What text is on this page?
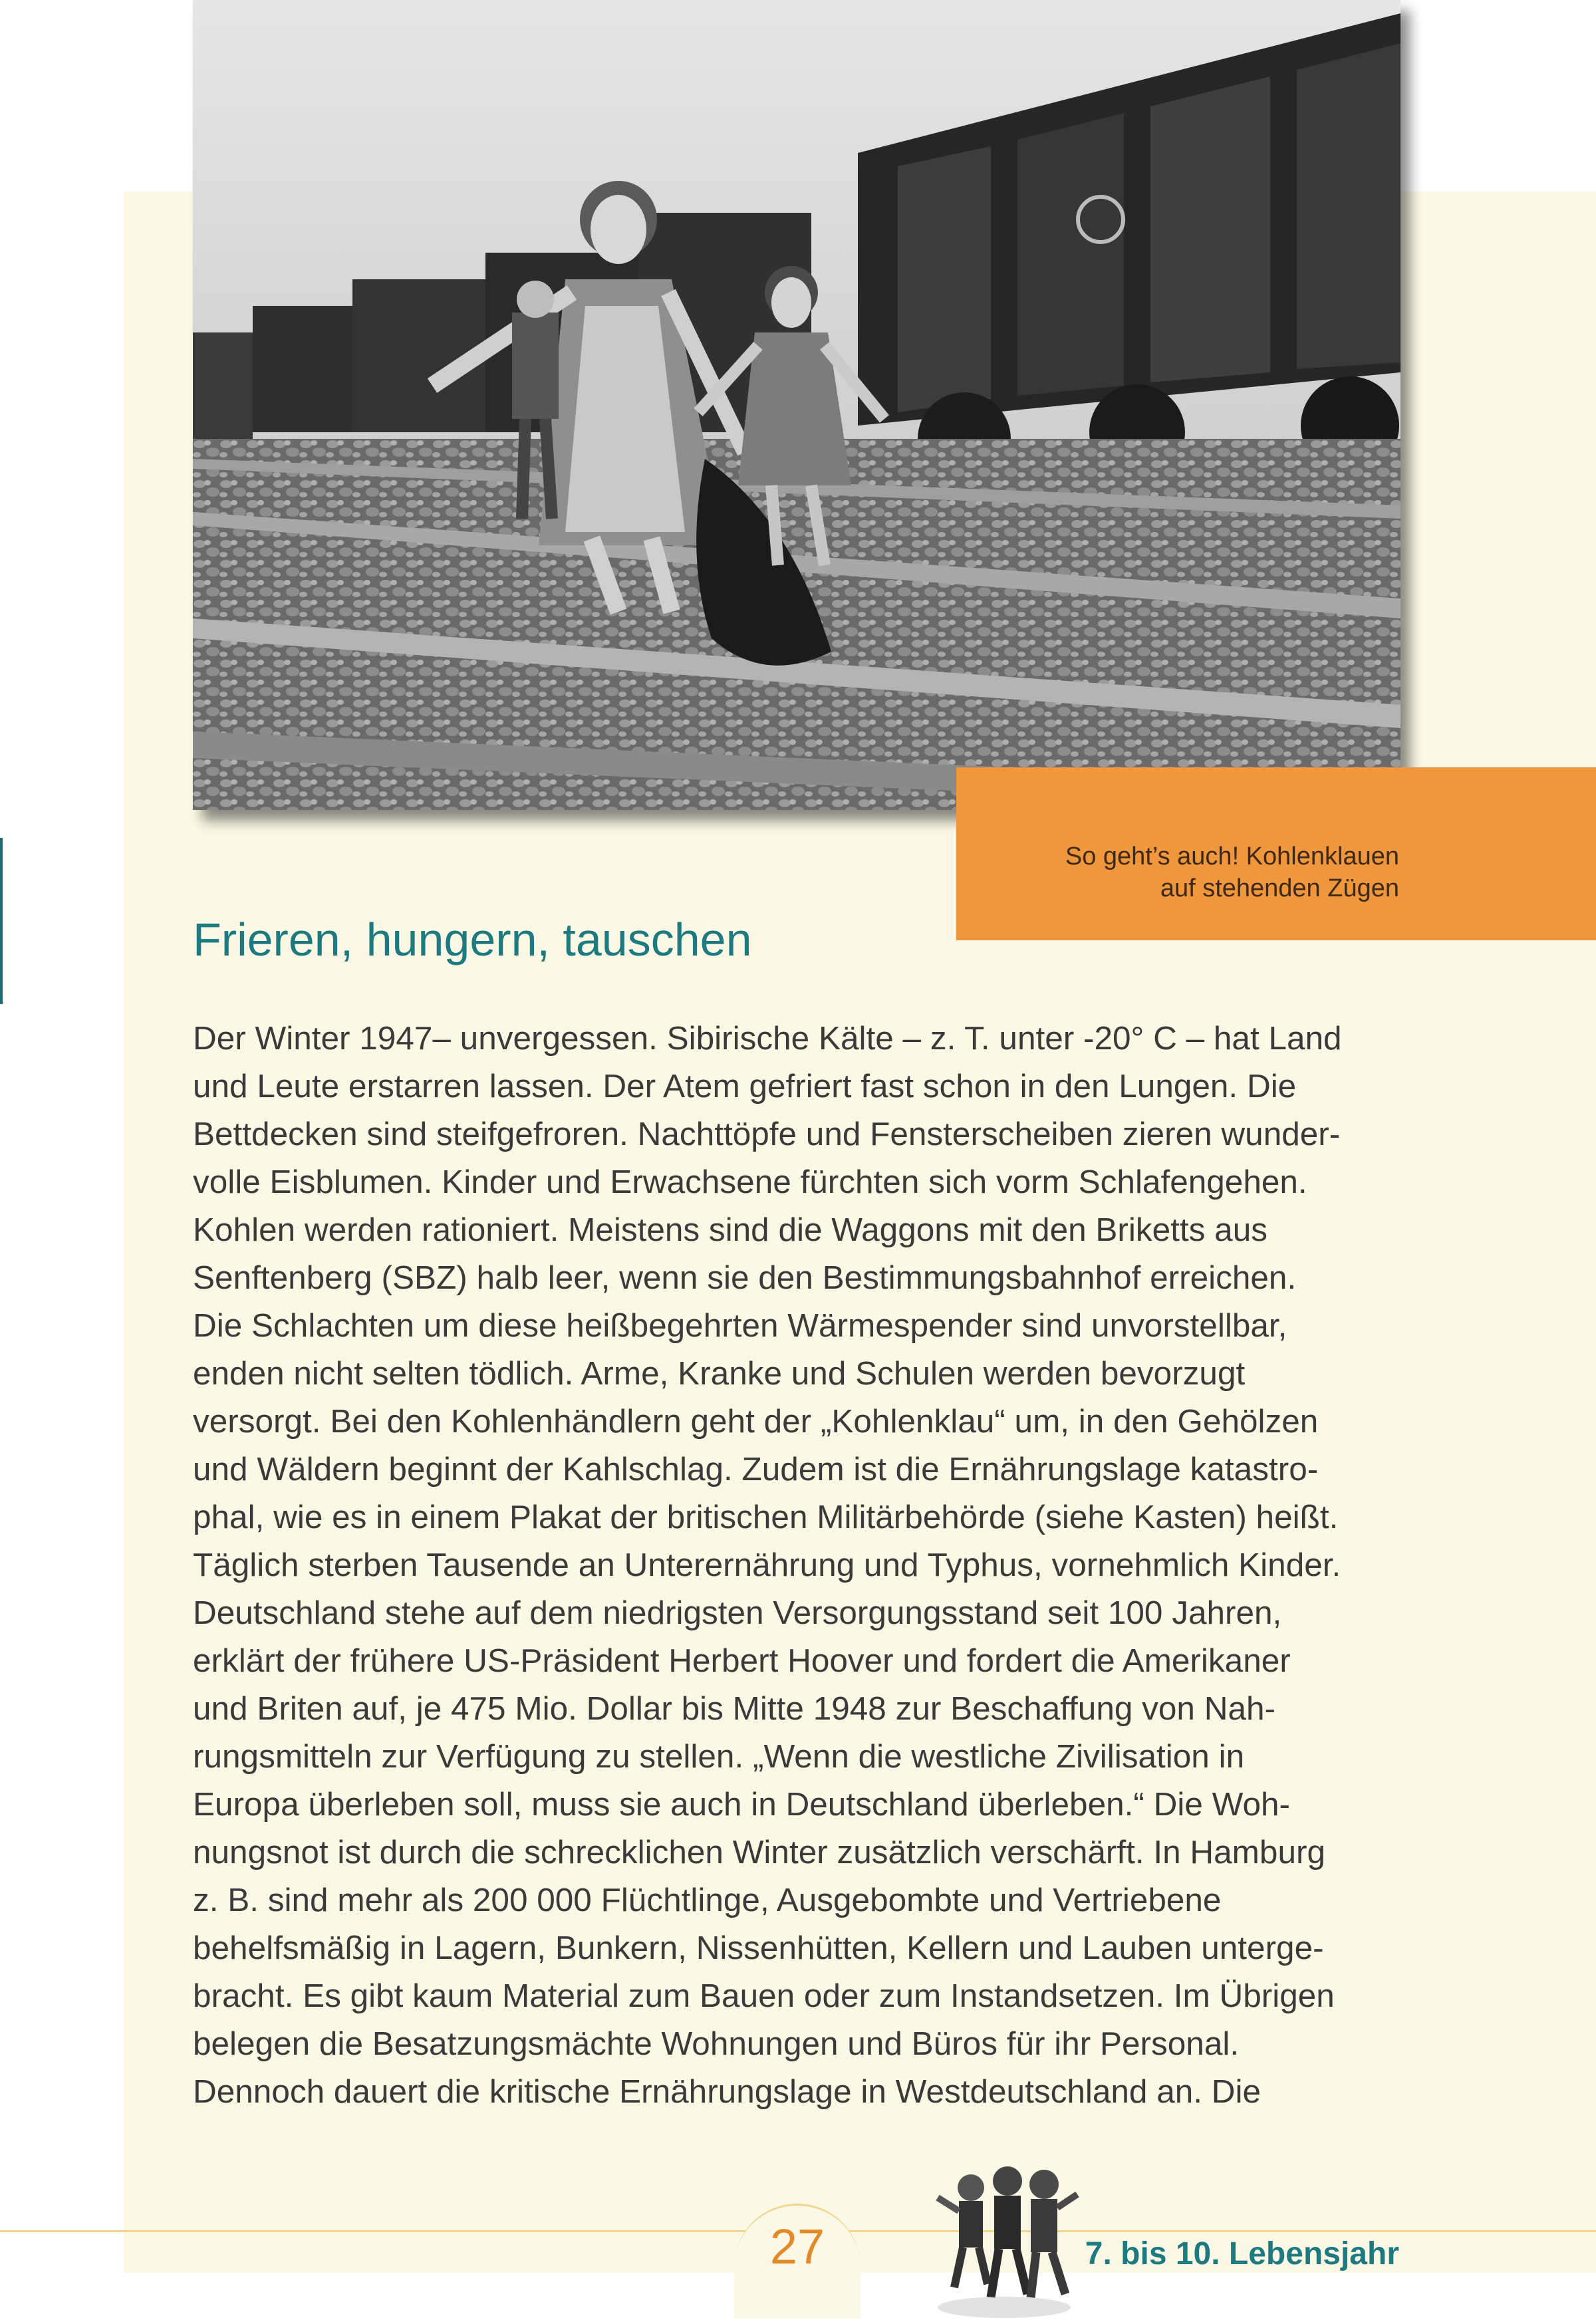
So geht’s auch! Kohlenklauen
auf stehenden Zügen
Frieren, hungern, tauschen
Der Winter 1947– unvergessen. Sibirische Kälte – z. T. unter -20° C – hat Land
und Leute erstarren lassen. Der Atem gefriert fast schon in den Lungen. Die
Bettdecken sind steifgefroren. Nachttöpfe und Fensterscheiben zieren wunder-
volle Eisblumen. Kinder und Erwachsene fürchten sich vorm Schlafengehen.
Kohlen werden rationiert. Meistens sind die Waggons mit den Briketts aus
Senftenberg (SBZ) halb leer, wenn sie den Bestimmungsbahnhof erreichen.
Die Schlachten um diese heißbegehrten Wärmespender sind unvorstellbar,
enden nicht selten tödlich. Arme, Kranke und Schulen werden bevorzugt
versorgt. Bei den Kohlenhändlern geht der „Kohlenklau“ um, in den Gehölzen
und Wäldern beginnt der Kahlschlag. Zudem ist die Ernährungslage katastro-
phal, wie es in einem Plakat der britischen Militärbehörde (siehe Kasten) heißt.
Täglich sterben Tausende an Unterernährung und Typhus, vornehmlich Kinder.
Deutschland stehe auf dem niedrigsten Versorgungsstand seit 100 Jahren,
erklärt der frühere US-Präsident Herbert Hoover und fordert die Amerikaner
und Briten auf, je 475 Mio. Dollar bis Mitte 1948 zur Beschaffung von Nah-
rungsmitteln zur Verfügung zu stellen. „Wenn die westliche Zivilisation in
Europa überleben soll, muss sie auch in Deutschland überleben.“ Die Woh-
nungsnot ist durch die schrecklichen Winter zusätzlich verschärft. In Hamburg
z. B. sind mehr als 200 000 Flüchtlinge, Ausgebombte und Vertriebene
behelfsmäßig in Lagern, Bunkern, Nissenhütten, Kellern und Lauben unterge-
bracht. Es gibt kaum Material zum Bauen oder zum Instandsetzen. Im Übrigen
belegen die Besatzungsmächte Wohnungen und Büros für ihr Personal.
Dennoch dauert die kritische Ernährungslage in Westdeutschland an. Die
27	7. bis 10. Lebensjahr
